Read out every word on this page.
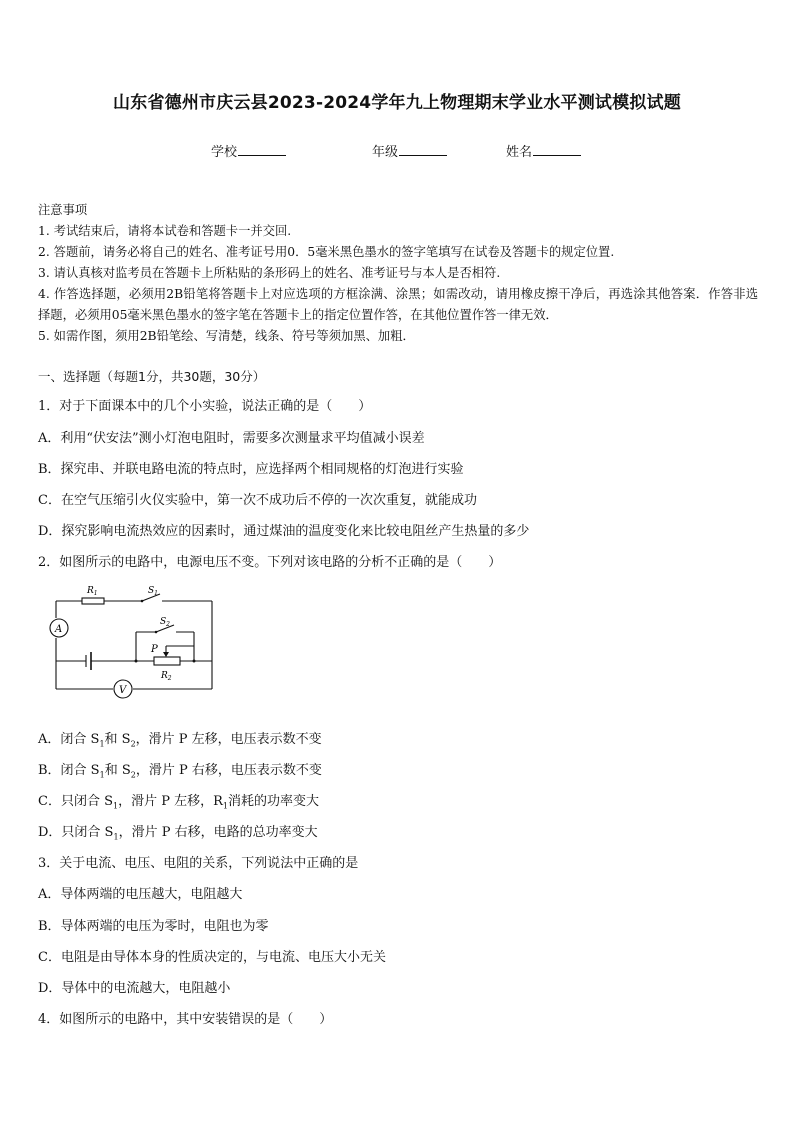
山东省德州市庆云县2023-2024学年九上物理期末学业水平测试模拟试题
学校	年级	姓名
注意事项
1. 考试结束后，请将本试卷和答题卡一并交回.
2. 答题前，请务必将自己的姓名、准考证号用0．5毫米黑色墨水的签字笔填写在试卷及答题卡的规定位置.
3. 请认真核对监考员在答题卡上所粘贴的条形码上的姓名、准考证号与本人是否相符.
4. 作答选择题，必须用2B铅笔将答题卡上对应选项的方框涂满、涂黑；如需改动，请用橡皮擦干净后，再选涂其他答案．作答非选择题，必须用05毫米黑色墨水的签字笔在答题卡上的指定位置作答，在其他位置作答一律无效．
5. 如需作图，须用2B铅笔绘、写清楚，线条、符号等须加黑、加粗．
一、选择题（每题1分，共30题，30分）
1．对于下面课本中的几个小实验，说法正确的是（　　）
A．利用“伏安法”测小灯泡电阻时，需要多次测量求平均值减小误差
B．探究串、并联电路电流的特点时，应选择两个相同规格的灯泡进行实验
C．在空气压缩引火仪实验中，第一次不成功后不停的一次次重复，就能成功
D．探究影响电流热效应的因素时，通过煤油的温度变化来比较电阻丝产生热量的多少
2．如图所示的电路中，电源电压不变。下列对该电路的分析不正确的是（　　）
$R_1$	$S_1$
$S_2$
P
$R_2$
A
V
A．闭合 $S_1$和 $S_2$，滑片 P 左移，电压表示数不变
B．闭合 $S_1$和 $S_2$，滑片 P 右移，电压表示数不变
C．只闭合 $S_1$，滑片 P 左移，$R_1$消耗的功率变大
D．只闭合 $S_1$，滑片 P 右移，电路的总功率变大
3．关于电流、电压、电阻的关系，下列说法中正确的是
A．导体两端的电压越大，电阻越大
B．导体两端的电压为零时，电阻也为零
C．电阻是由导体本身的性质决定的，与电流、电压大小无关
D．导体中的电流越大，电阻越小
4．如图所示的电路中，其中安装错误的是（　　）
